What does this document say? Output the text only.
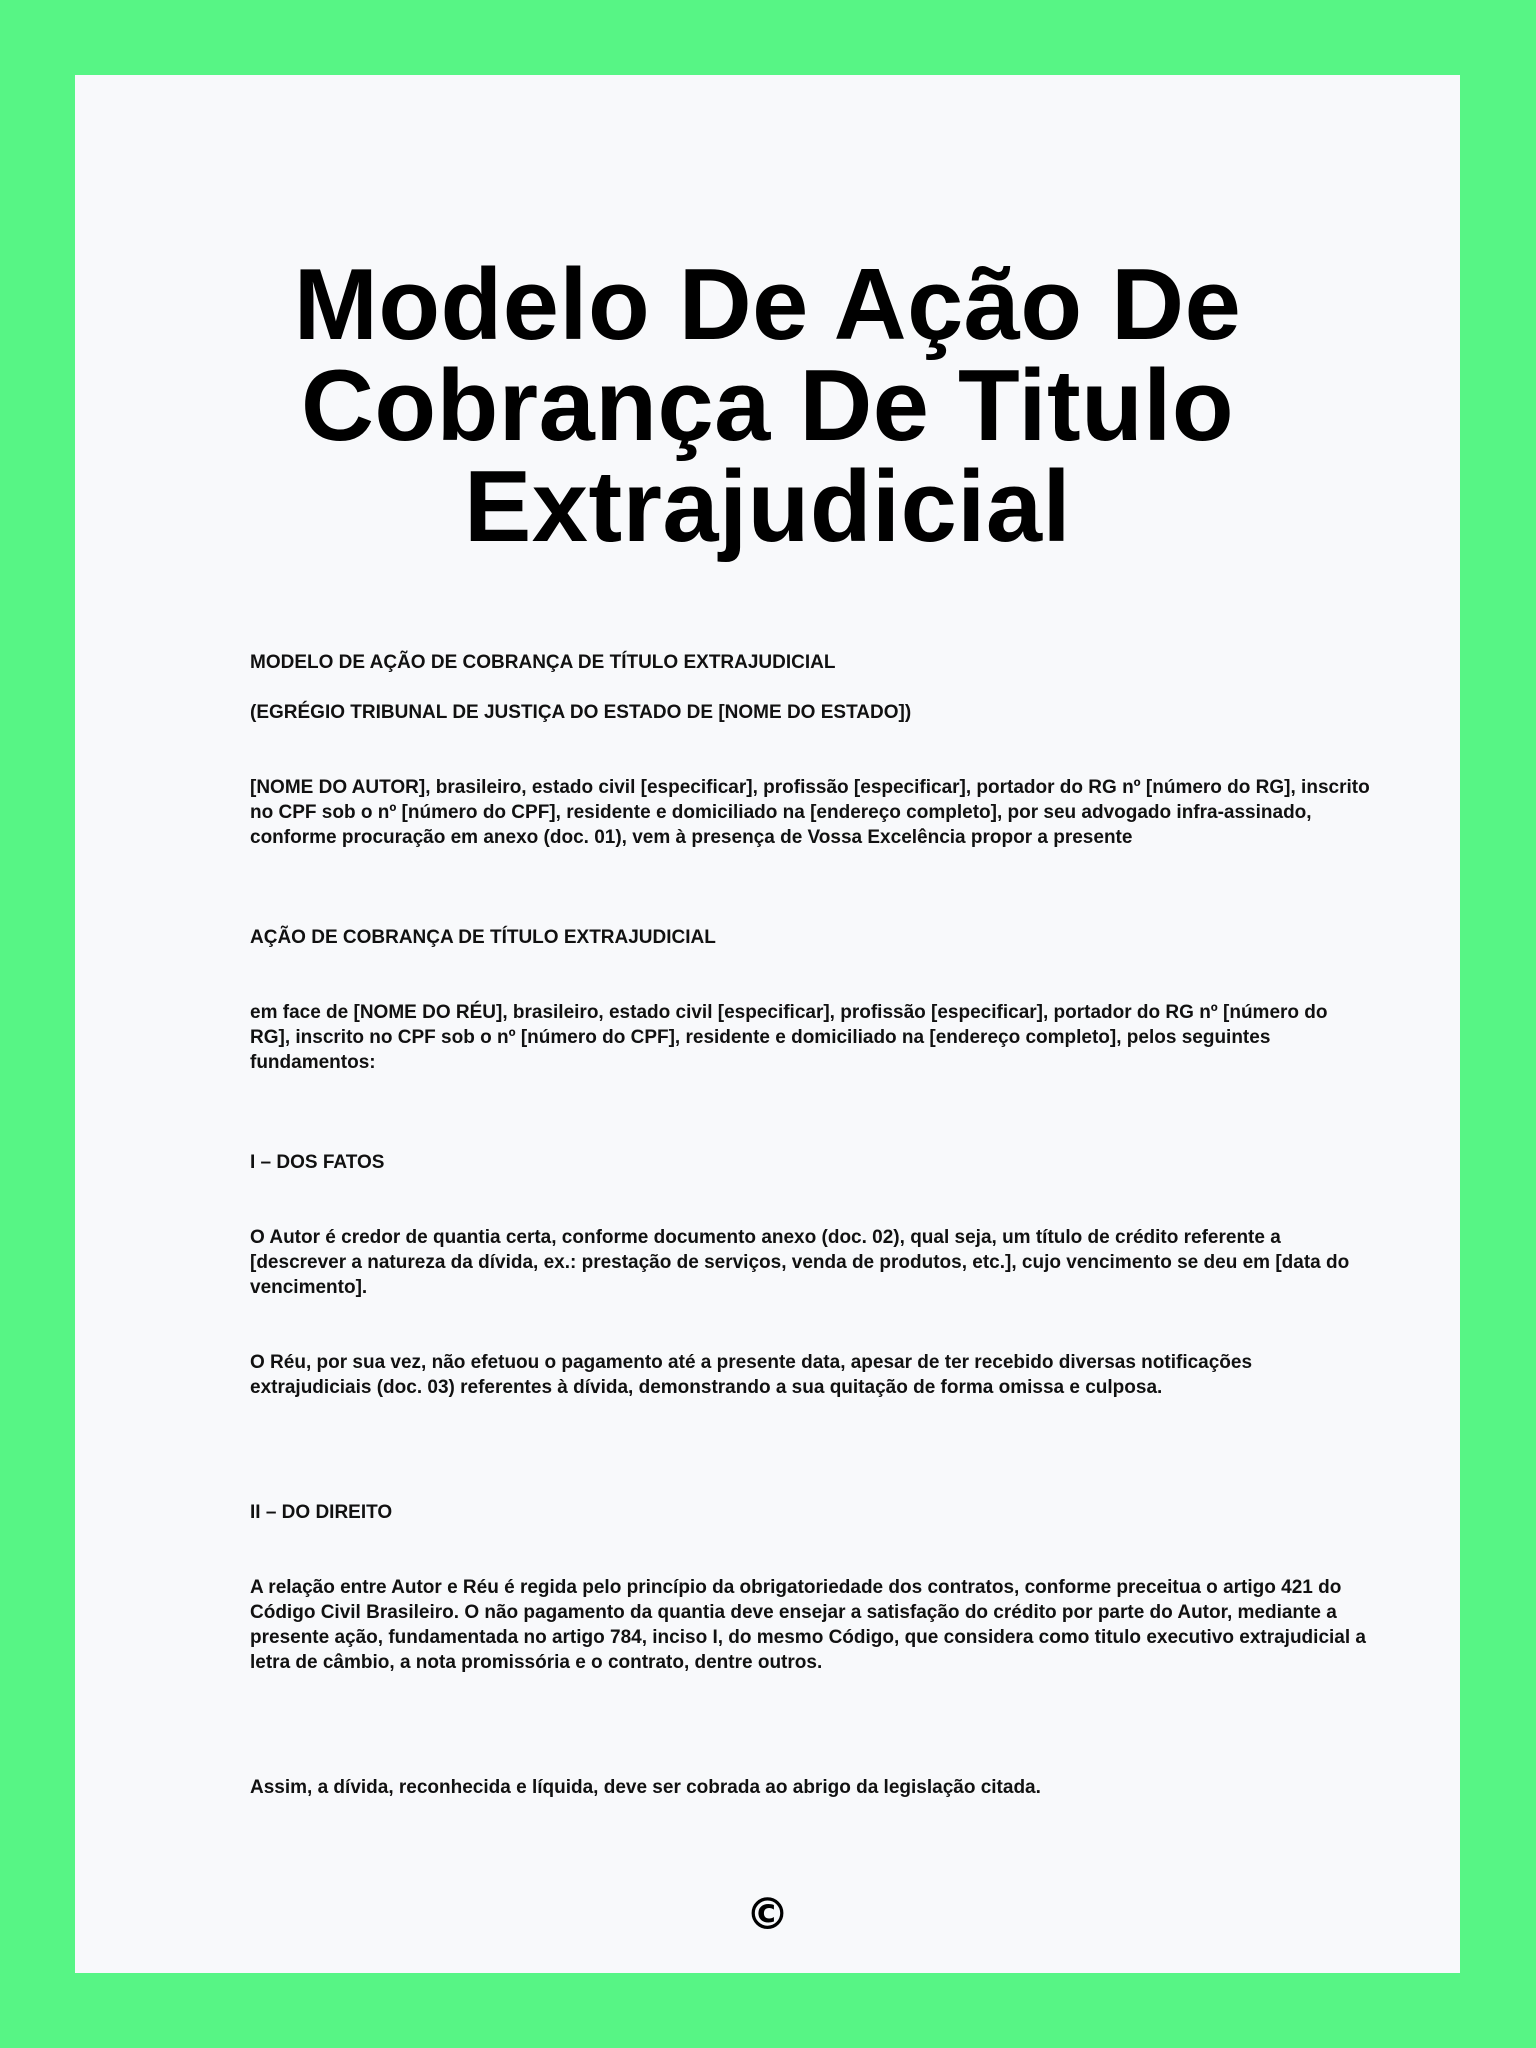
Modelo De Ação De
Cobrança De Titulo
Extrajudicial

MODELO DE AÇÃO DE COBRANÇA DE TÍTULO EXTRAJUDICIAL

(EGRÉGIO TRIBUNAL DE JUSTIÇA DO ESTADO DE [NOME DO ESTADO])

[NOME DO AUTOR], brasileiro, estado civil [especificar], profissão [especificar], portador do RG nº [número do RG], inscrito no CPF sob o nº [número do CPF], residente e domiciliado na [endereço completo], por seu advogado infra-assinado, conforme procuração em anexo (doc. 01), vem à presença de Vossa Excelência propor a presente

AÇÃO DE COBRANÇA DE TÍTULO EXTRAJUDICIAL

em face de [NOME DO RÉU], brasileiro, estado civil [especificar], profissão [especificar], portador do RG nº [número do RG], inscrito no CPF sob o nº [número do CPF], residente e domiciliado na [endereço completo], pelos seguintes fundamentos:

I – DOS FATOS

O Autor é credor de quantia certa, conforme documento anexo (doc. 02), qual seja, um título de crédito referente a [descrever a natureza da dívida, ex.: prestação de serviços, venda de produtos, etc.], cujo vencimento se deu em [data do vencimento].

O Réu, por sua vez, não efetuou o pagamento até a presente data, apesar de ter recebido diversas notificações extrajudiciais (doc. 03) referentes à dívida, demonstrando a sua quitação de forma omissa e culposa.

II – DO DIREITO

A relação entre Autor e Réu é regida pelo princípio da obrigatoriedade dos contratos, conforme preceitua o artigo 421 do Código Civil Brasileiro. O não pagamento da quantia deve ensejar a satisfação do crédito por parte do Autor, mediante a presente ação, fundamentada no artigo 784, inciso I, do mesmo Código, que considera como titulo executivo extrajudicial a letra de câmbio, a nota promissória e o contrato, dentre outros.

Assim, a dívida, reconhecida e líquida, deve ser cobrada ao abrigo da legislação citada.

©
